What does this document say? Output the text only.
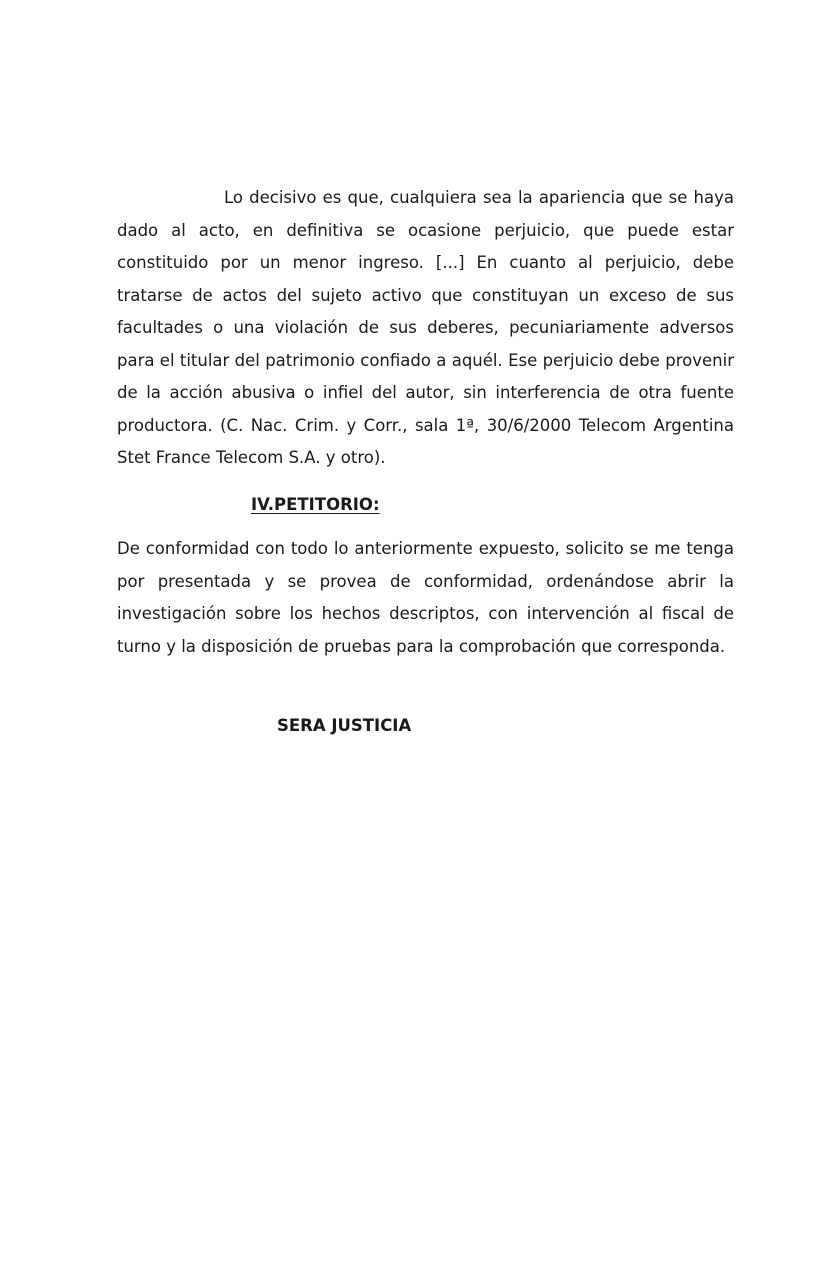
Lo decisivo es que, cualquiera sea la apariencia que se haya dado al acto, en definitiva se ocasione perjuicio, que puede estar constituido por un menor ingreso. [...] En cuanto al perjuicio, debe tratarse de actos del sujeto activo que constituyan un exceso de sus facultades o una violación de sus deberes, pecuniariamente adversos para el titular del patrimonio confiado a aquél. Ese perjuicio debe provenir de la acción abusiva o infiel del autor, sin interferencia de otra fuente productora. (C. Nac. Crim. y Corr., sala 1ª, 30/6/2000 Telecom Argentina Stet France Telecom S.A. y otro).

IV.PETITORIO:

De conformidad con todo lo anteriormente expuesto, solicito se me tenga por presentada y se provea de conformidad, ordenándose abrir la investigación sobre los hechos descriptos, con intervención al fiscal de turno y la disposición de pruebas para la comprobación que corresponda.

SERA JUSTICIA
